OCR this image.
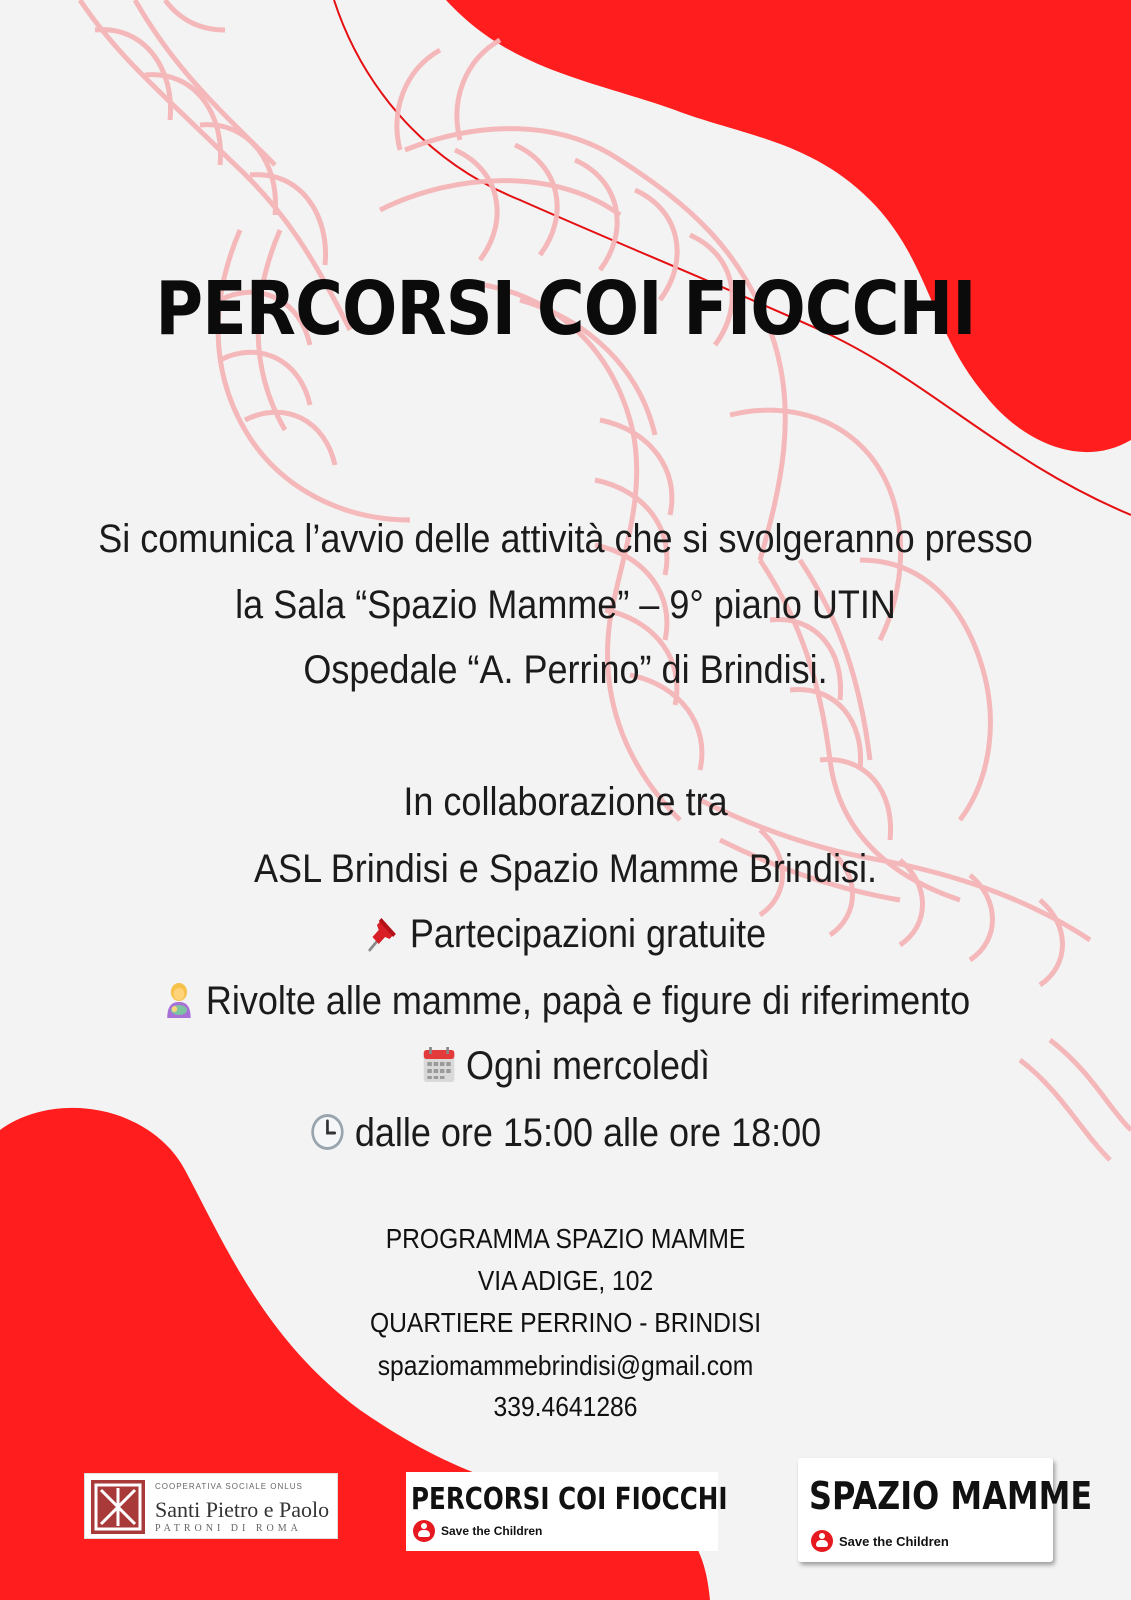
PERCORSI COI FIOCCHI
Si comunica l’avvio delle attività che si svolgeranno presso
la Sala “Spazio Mamme” – 9° piano UTIN
Ospedale “A. Perrino” di Brindisi.
In collaborazione tra
ASL Brindisi e Spazio Mamme Brindisi.
Partecipazioni gratuite
Rivolte alle mamme, papà e figure di riferimento
Ogni mercoledì
dalle ore 15:00 alle ore 18:00
PROGRAMMA SPAZIO MAMME
VIA ADIGE, 102
QUARTIERE PERRINO - BRINDISI
spaziomammebrindisi@gmail.com
339.4641286
COOPERATIVA SOCIALE ONLUS
Santi Pietro e Paolo
PATRONI DI ROMA
PERCORSI COI FIOCCHI
Save the Children
SPAZIO MAMME
Save the Children
